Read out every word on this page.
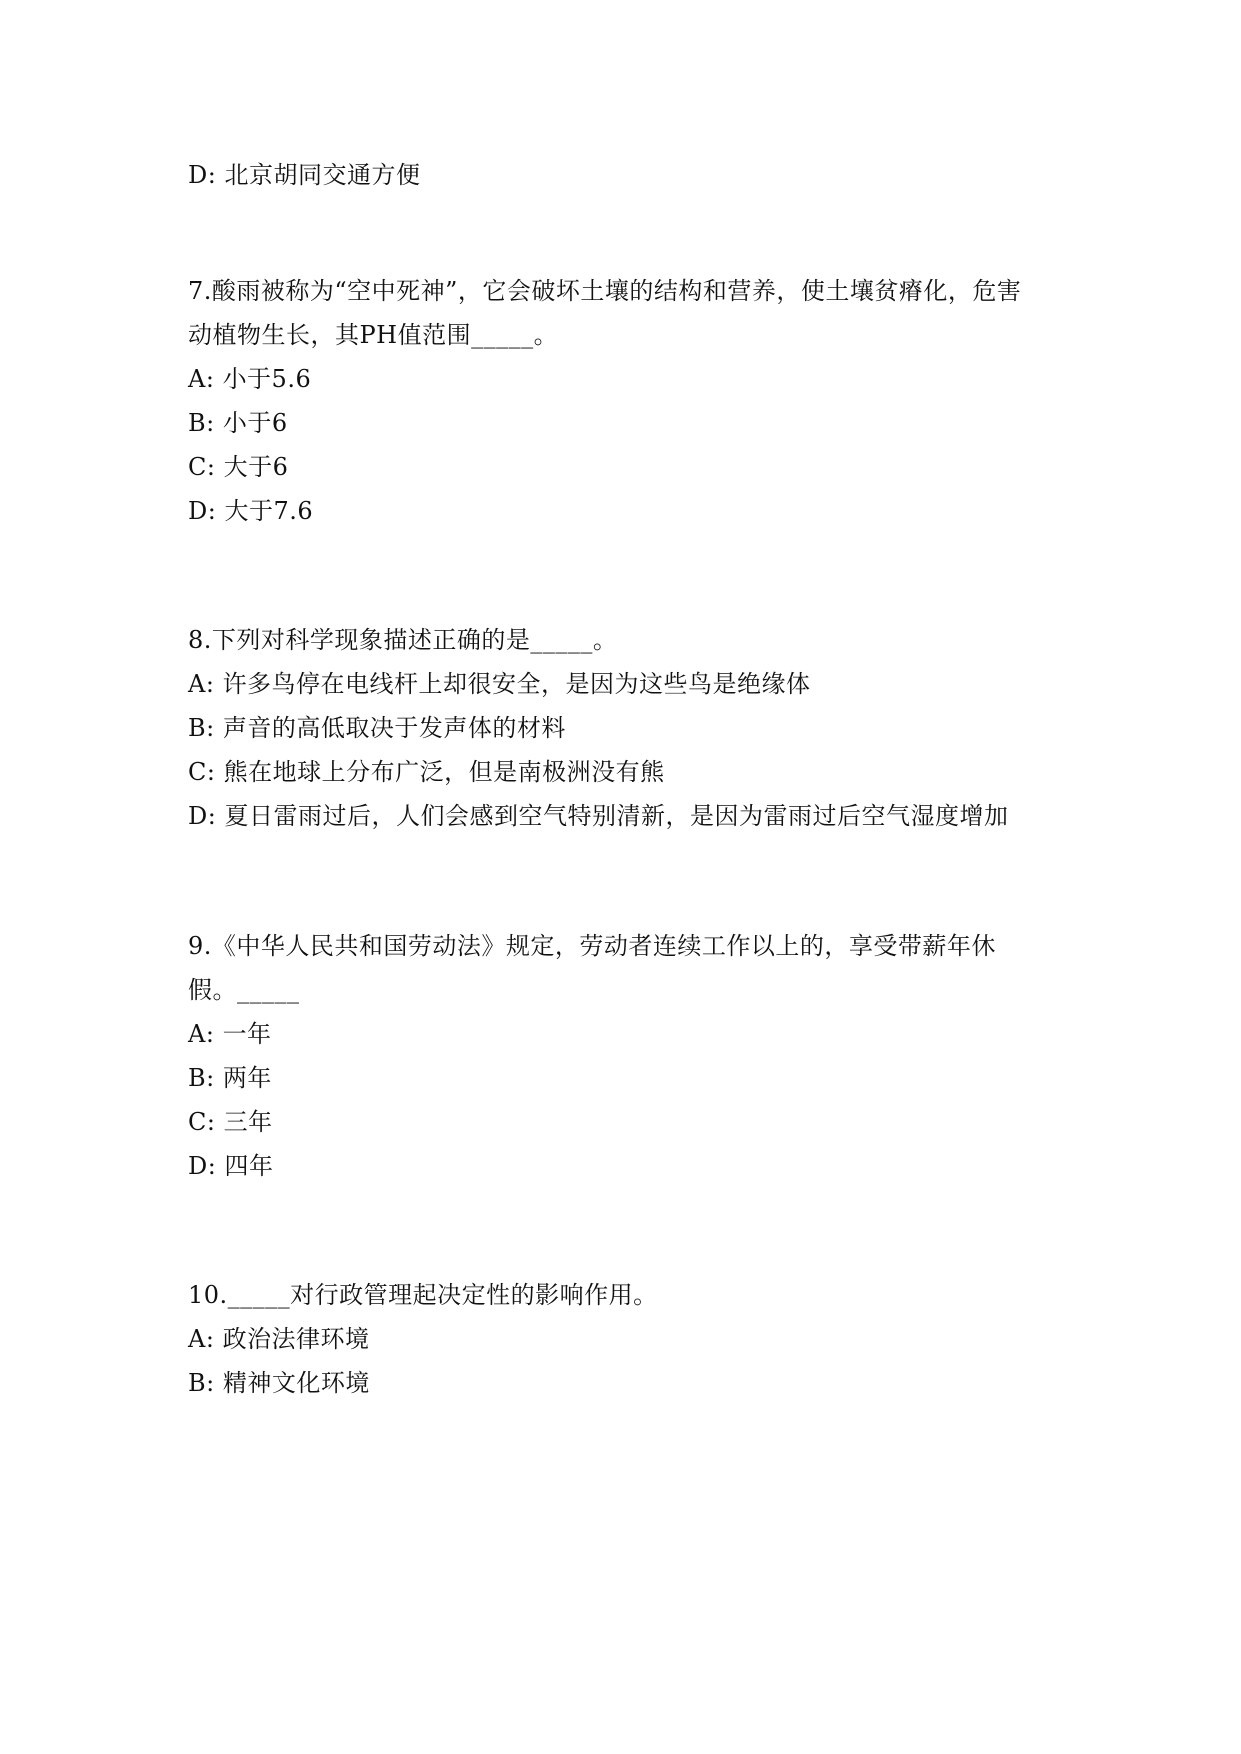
D: 北京胡同交通方便
7.酸雨被称为“空中死神”，它会破坏土壤的结构和营养，使土壤贫瘠化，危害
动植物生长，其PH值范围_____。
A: 小于5.6
B: 小于6
C: 大于6
D: 大于7.6
8.下列对科学现象描述正确的是_____。
A: 许多鸟停在电线杆上却很安全，是因为这些鸟是绝缘体
B: 声音的高低取决于发声体的材料
C: 熊在地球上分布广泛，但是南极洲没有熊
D: 夏日雷雨过后，人们会感到空气特别清新，是因为雷雨过后空气湿度增加
9.《中华人民共和国劳动法》规定，劳动者连续工作以上的，享受带薪年休
假。_____
A: 一年
B: 两年
C: 三年
D: 四年
10._____对行政管理起决定性的影响作用。
A: 政治法律环境
B: 精神文化环境
